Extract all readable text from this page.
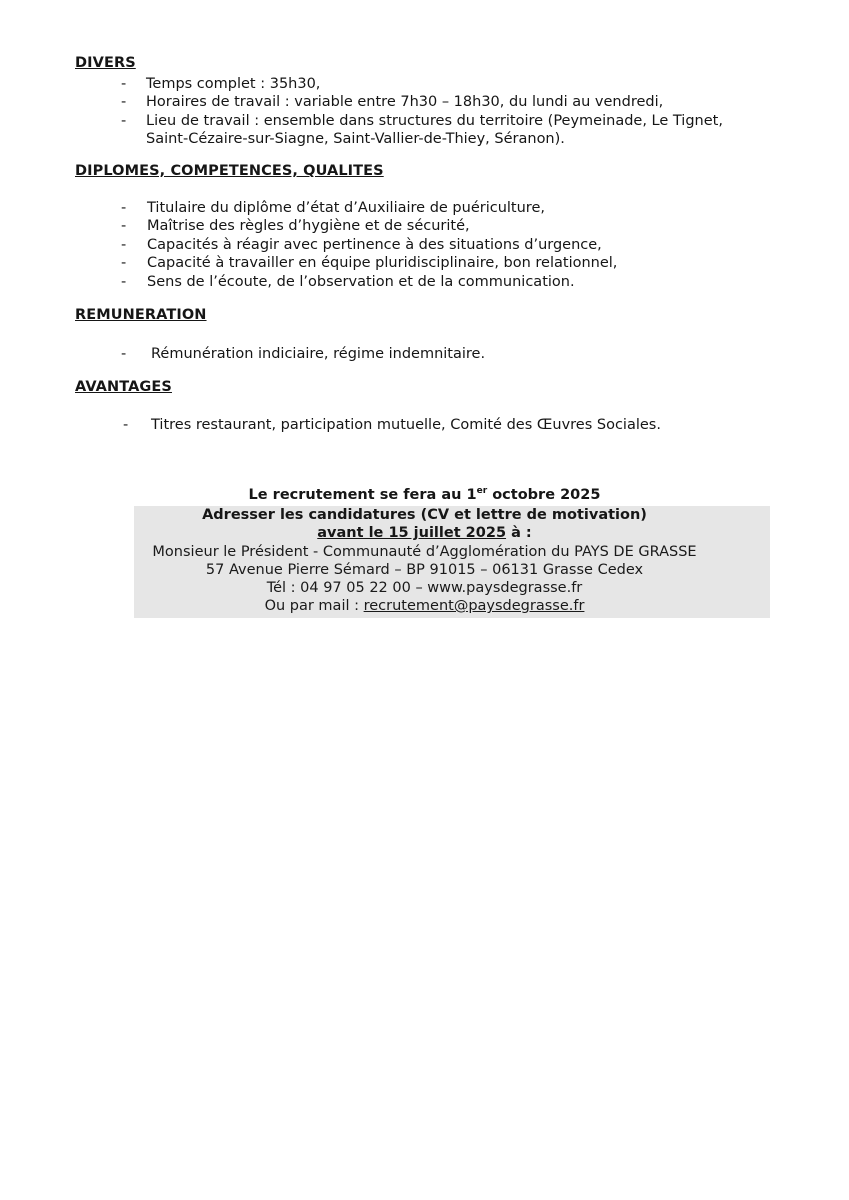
DIVERS
- Temps complet : 35h30,
- Horaires de travail : variable entre 7h30 – 18h30, du lundi au vendredi,
- Lieu de travail : ensemble dans structures du territoire (Peymeinade, Le Tignet,
Saint-Cézaire-sur-Siagne, Saint-Vallier-de-Thiey, Séranon).
DIPLOMES, COMPETENCES, QUALITES
- Titulaire du diplôme d’état d’Auxiliaire de puériculture,
- Maîtrise des règles d’hygiène et de sécurité,
- Capacités à réagir avec pertinence à des situations d’urgence,
- Capacité à travailler en équipe pluridisciplinaire, bon relationnel,
- Sens de l’écoute, de l’observation et de la communication.
REMUNERATION
- Rémunération indiciaire, régime indemnitaire.
AVANTAGES
- Titres restaurant, participation mutuelle, Comité des Œuvres Sociales.
Le recrutement se fera au 1er octobre 2025
Adresser les candidatures (CV et lettre de motivation)
avant le 15 juillet 2025 à :
Monsieur le Président - Communauté d’Agglomération du PAYS DE GRASSE
57 Avenue Pierre Sémard – BP 91015 – 06131 Grasse Cedex
Tél : 04 97 05 22 00 – www.paysdegrasse.fr
Ou par mail : recrutement@paysdegrasse.fr
